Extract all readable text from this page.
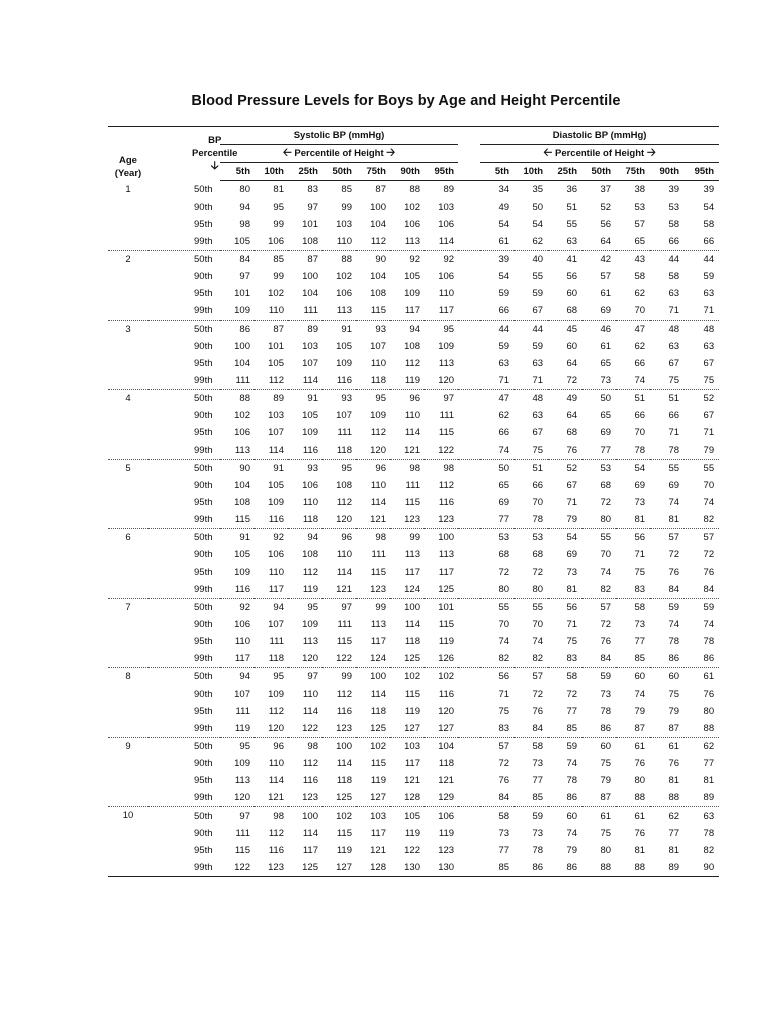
Blood Pressure Levels for Boys by Age and Height Percentile
Age
(Year)	BP
Percentile
🡣	Systolic BP (mmHg)								Diastolic BP (mmHg)						
		🡠 Percentile of Height 🡢								🡠 Percentile of Height 🡢						
		5th	10th	25th	50th	75th	90th	95th		5th	10th	25th	50th	75th	90th	95th
1	50th	80	81	83	85	87	88	89		34	35	36	37	38	39	39
	90th	94	95	97	99	100	102	103		49	50	51	52	53	53	54
	95th	98	99	101	103	104	106	106		54	54	55	56	57	58	58
	99th	105	106	108	110	112	113	114		61	62	63	64	65	66	66
2	50th	84	85	87	88	90	92	92		39	40	41	42	43	44	44
	90th	97	99	100	102	104	105	106		54	55	56	57	58	58	59
	95th	101	102	104	106	108	109	110		59	59	60	61	62	63	63
	99th	109	110	111	113	115	117	117		66	67	68	69	70	71	71
3	50th	86	87	89	91	93	94	95		44	44	45	46	47	48	48
	90th	100	101	103	105	107	108	109		59	59	60	61	62	63	63
	95th	104	105	107	109	110	112	113		63	63	64	65	66	67	67
	99th	111	112	114	116	118	119	120		71	71	72	73	74	75	75
4	50th	88	89	91	93	95	96	97		47	48	49	50	51	51	52
	90th	102	103	105	107	109	110	111		62	63	64	65	66	66	67
	95th	106	107	109	111	112	114	115		66	67	68	69	70	71	71
	99th	113	114	116	118	120	121	122		74	75	76	77	78	78	79
5	50th	90	91	93	95	96	98	98		50	51	52	53	54	55	55
	90th	104	105	106	108	110	111	112		65	66	67	68	69	69	70
	95th	108	109	110	112	114	115	116		69	70	71	72	73	74	74
	99th	115	116	118	120	121	123	123		77	78	79	80	81	81	82
6	50th	91	92	94	96	98	99	100		53	53	54	55	56	57	57
	90th	105	106	108	110	111	113	113		68	68	69	70	71	72	72
	95th	109	110	112	114	115	117	117		72	72	73	74	75	76	76
	99th	116	117	119	121	123	124	125		80	80	81	82	83	84	84
7	50th	92	94	95	97	99	100	101		55	55	56	57	58	59	59
	90th	106	107	109	111	113	114	115		70	70	71	72	73	74	74
	95th	110	111	113	115	117	118	119		74	74	75	76	77	78	78
	99th	117	118	120	122	124	125	126		82	82	83	84	85	86	86
8	50th	94	95	97	99	100	102	102		56	57	58	59	60	60	61
	90th	107	109	110	112	114	115	116		71	72	72	73	74	75	76
	95th	111	112	114	116	118	119	120		75	76	77	78	79	79	80
	99th	119	120	122	123	125	127	127		83	84	85	86	87	87	88
9	50th	95	96	98	100	102	103	104		57	58	59	60	61	61	62
	90th	109	110	112	114	115	117	118		72	73	74	75	76	76	77
	95th	113	114	116	118	119	121	121		76	77	78	79	80	81	81
	99th	120	121	123	125	127	128	129		84	85	86	87	88	88	89
10	50th	97	98	100	102	103	105	106		58	59	60	61	61	62	63
	90th	111	112	114	115	117	119	119		73	73	74	75	76	77	78
	95th	115	116	117	119	121	122	123		77	78	79	80	81	81	82
	99th	122	123	125	127	128	130	130		85	86	86	88	88	89	90
